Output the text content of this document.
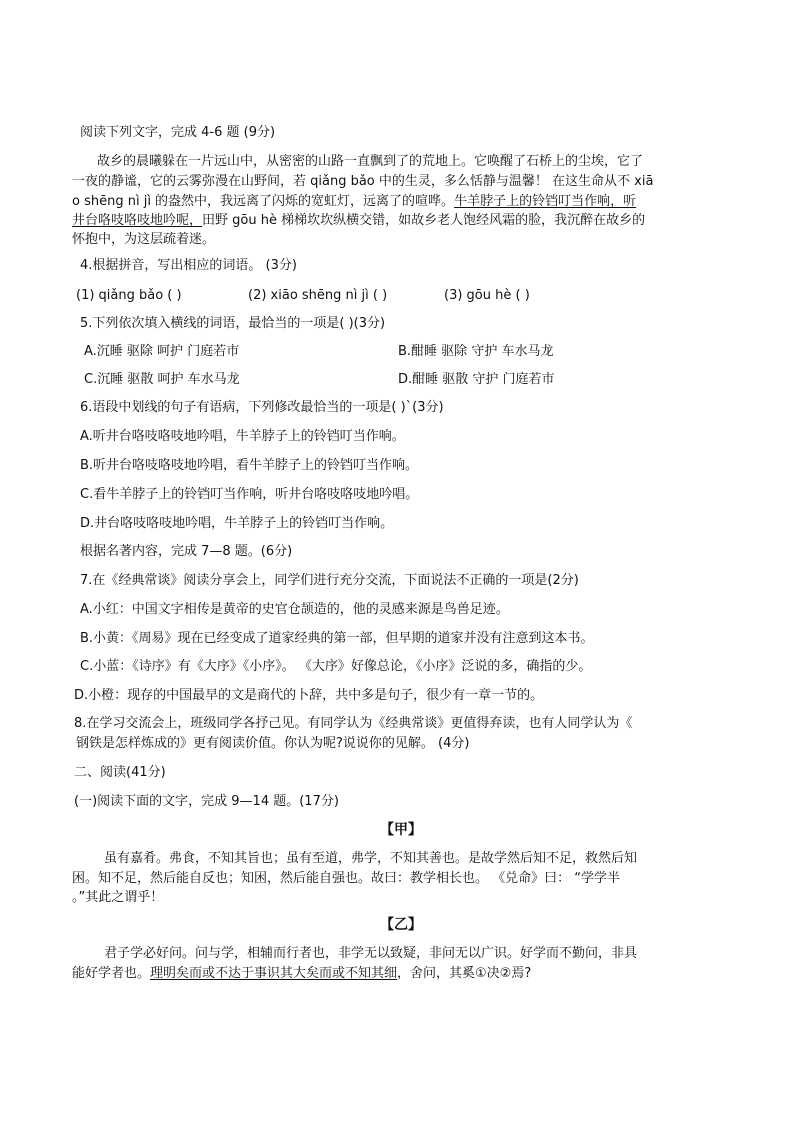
阅读下列文字，完成 4-6 题 (9分)
故乡的晨曦躲在一片远山中，从密密的山路一直飘到了的荒地上。它唤醒了石桥上的尘埃，它了
一夜的静谧，它的云雾弥漫在山野间，若 qiǎng bǎo 中的生灵，多么恬静与温馨！ 在这生命从不 xiā
o shēng nì jì 的盎然中，我远离了闪烁的宽虹灯，远离了的喧哗。牛羊脖子上的铃铛叮当作响，听
井台咯吱咯吱地吟呢，田野 gōu hè 梯梯坎坎纵横交错，如故乡老人饱经风霜的脸，我沉醉在故乡的
怀抱中，为这层疏着迷。
4.根据拼音，写出相应的词语。 (3分)
(1) qiǎng bǎo ( )	(2) xiāo shēng nì jì ( )	(3) gōu hè ( )
5.下列依次填入横线的词语，最恰当的一项是( )(3分)
A.沉睡 驱除 呵护 门庭若市	B.酣睡 驱除 守护 车水马龙
C.沉睡 驱散 呵护 车水马龙	D.酣睡 驱散 守护 门庭若市
6.语段中划线的句子有语病，下列修改最恰当的一项是( )`(3分)
A.听井台咯吱咯吱地吟唱，牛羊脖子上的铃铛叮当作响。
B.听井台咯吱咯吱地吟唱，看牛羊脖子上的铃铛叮当作响。
C.看牛羊脖子上的铃铛叮当作响，听井台咯吱咯吱地吟唱。
D.井台咯吱咯吱地吟唱，牛羊脖子上的铃铛叮当作响。
根据名著内容，完成 7—8 题。(6分)
7.在《经典常谈》阅读分享会上，同学们进行充分交流，下面说法不正确的一项是(2分)
A.小红：中国文字相传是黄帝的史官仓颉造的，他的灵感来源是鸟兽足迹。
B.小黄：《周易》现在已经变成了道家经典的第一部，但早期的道家并没有注意到这本书。
C.小蓝：《诗序》有《大序》《小序》。 《大序》好像总论，《小序》泛说的多，确指的少。
D.小橙：现存的中国最早的文是商代的卜辞，共中多是句子，很少有一章一节的。
8.在学习交流会上，班级同学各抒己见。有同学认为《经典常谈》更值得弃读，也有人同学认为《
钢铁是怎样炼成的》更有阅读价值。你认为呢?说说你的见解。 (4分)
二、阅读(41分)
(一)阅读下面的文字，完成 9—14 题。(17分)
【甲】
虽有嘉肴。弗食，不知其旨也；虽有至道，弗学，不知其善也。是故学然后知不足，救然后知
困。知不足，然后能自反也；知困，然后能自强也。故曰：教学相长也。 《兑命》曰： “学学半
。”其此之谓乎！
【乙】
君子学必好问。问与学，相辅而行者也，非学无以致疑，非问无以广识。好学而不勤问，非具
能好学者也。理明矣而或不达于事识其大矣而或不知其细，舍问，其奚①决②焉?
